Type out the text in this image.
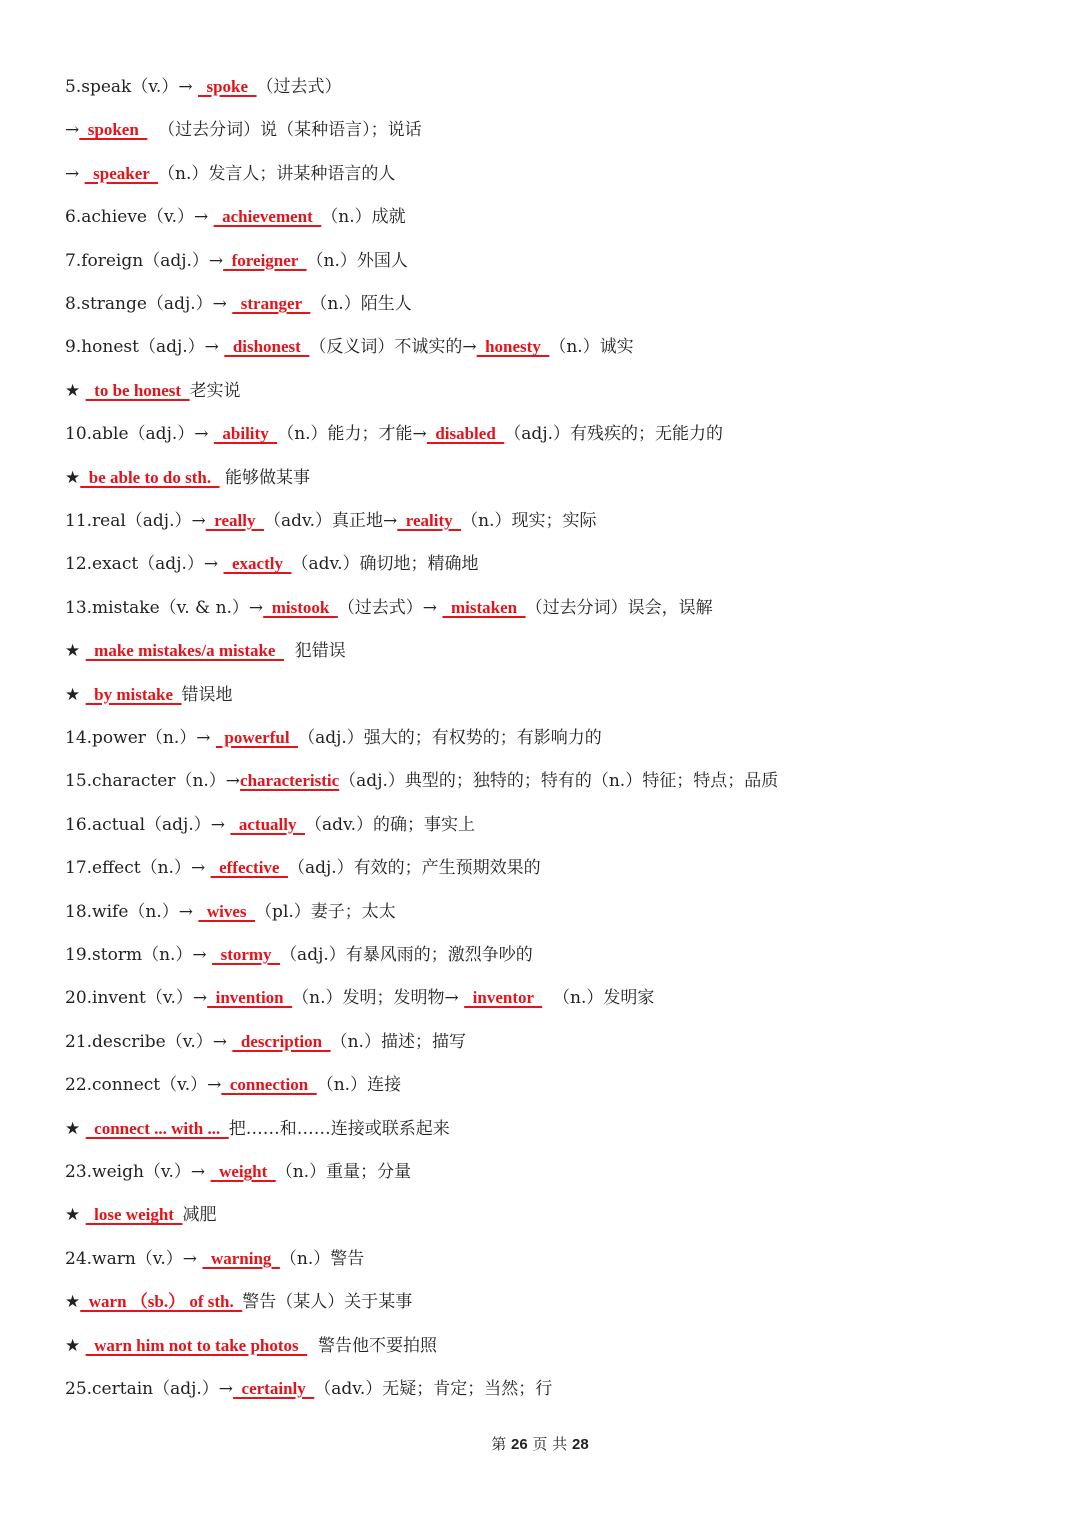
5.speak（v.）→   spoke  （过去式）
→  spoken    （过去分词）说（某种语言）；说话
→   speaker  （n.）发言人；讲某种语言的人
6.achieve（v.）→   achievement  （n.）成就
7.foreign（adj.）→  foreigner  （n.）外国人
8.strange（adj.）→   stranger  （n.）陌生人
9.honest（adj.）→   dishonest  （反义词）不诚实的→  honesty  （n.）诚实
★   to be honest  老实说
10.able（adj.）→   ability  （n.）能力；才能→  disabled  （adj.）有残疾的；无能力的
★  be able to do sth.   能够做某事
11.real（adj.）→  really  （adv.）真正地→  reality  （n.）现实；实际
12.exact（adj.）→   exactly  （adv.）确切地；精确地
13.mistake（v. & n.）→  mistook  （过去式）→   mistaken  （过去分词）误会，误解
★   make mistakes/a mistake    犯错误
★   by mistake  错误地
14.power（n.）→   powerful  （adj.）强大的；有权势的；有影响力的
15.character（n.）→characteristic（adj.）典型的；独特的；特有的（n.）特征；特点；品质
16.actual（adj.）→   actually  （adv.）的确；事实上
17.effect（n.）→   effective  （adj.）有效的；产生预期效果的
18.wife（n.）→   wives  （pl.）妻子；太太
19.storm（n.）→   stormy  （adj.）有暴风雨的；激烈争吵的
20.invent（v.）→  invention  （n.）发明；发明物→   inventor    （n.）发明家
21.describe（v.）→   description  （n.）描述；描写
22.connect（v.）→  connection  （n.）连接
★   connect ... with ...  把……和……连接或联系起来
23.weigh（v.）→   weight  （n.）重量；分量
★   lose weight  减肥
24.warn（v.）→   warning  （n.）警告
★  warn （sb.） of sth.  警告（某人）关于某事
★   warn him not to take photos    警告他不要拍照
25.certain（adj.）→  certainly  （adv.）无疑；肯定；当然；行
第 26 页 共 28
